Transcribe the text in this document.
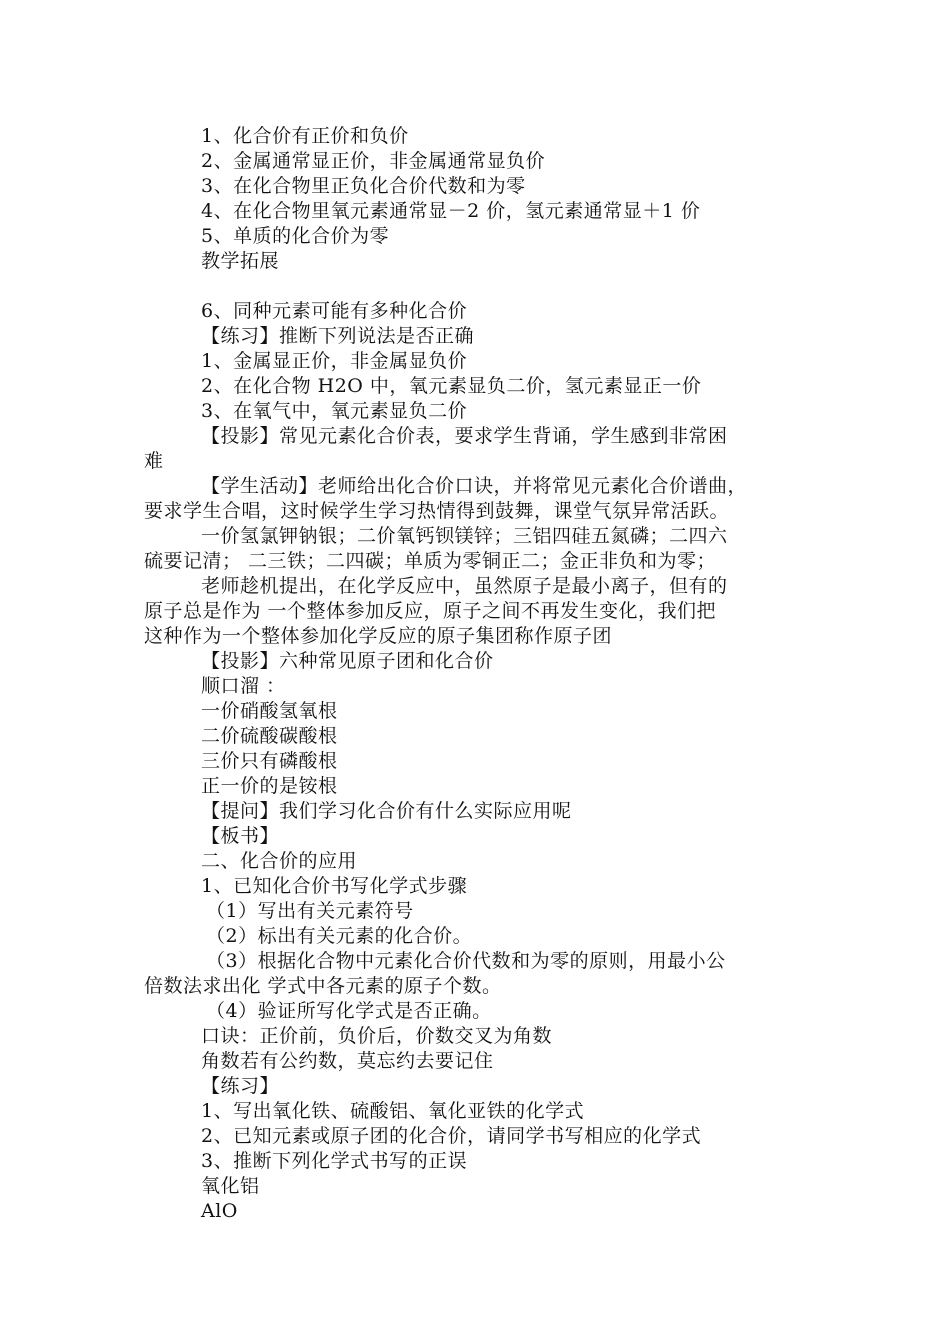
1、化合价有正价和负价
2、金属通常显正价，非金属通常显负价
3、在化合物里正负化合价代数和为零
4、在化合物里氧元素通常显－2 价，氢元素通常显＋1 价
5、单质的化合价为零
教学拓展
6、同种元素可能有多种化合价
【练习】推断下列说法是否正确
1、金属显正价，非金属显负价
2、在化合物 H2O 中，氧元素显负二价，氢元素显正一价
3、在氧气中，氧元素显负二价
【投影】常见元素化合价表，要求学生背诵，学生感到非常困
难
【学生活动】老师给出化合价口诀，并将常见元素化合价谱曲，
要求学生合唱，这时候学生学习热情得到鼓舞，课堂气氛异常活跃。
一价氢氯钾钠银；二价氧钙钡镁锌；三铝四硅五氮磷；二四六
硫要记清； 二三铁；二四碳；单质为零铜正二；金正非负和为零；
老师趁机提出，在化学反应中，虽然原子是最小离子，但有的
原子总是作为 一个整体参加反应，原子之间不再发生变化，我们把
这种作为一个整体参加化学反应的原子集团称作原子团
【投影】六种常见原子团和化合价
顺口溜 ：
一价硝酸氢氧根
二价硫酸碳酸根
三价只有磷酸根
正一价的是铵根
【提问】我们学习化合价有什么实际应用呢
【板书】
二、化合价的应用
1、已知化合价书写化学式步骤
（1）写出有关元素符号
（2）标出有关元素的化合价。
（3）根据化合物中元素化合价代数和为零的原则，用最小公
倍数法求出化 学式中各元素的原子个数。
（4）验证所写化学式是否正确。
口诀：正价前，负价后，价数交叉为角数
角数若有公约数，莫忘约去要记住
【练习】
1、写出氧化铁、硫酸铝、氧化亚铁的化学式
2、已知元素或原子团的化合价，请同学书写相应的化学式
3、推断下列化学式书写的正误
氧化铝
AlO
